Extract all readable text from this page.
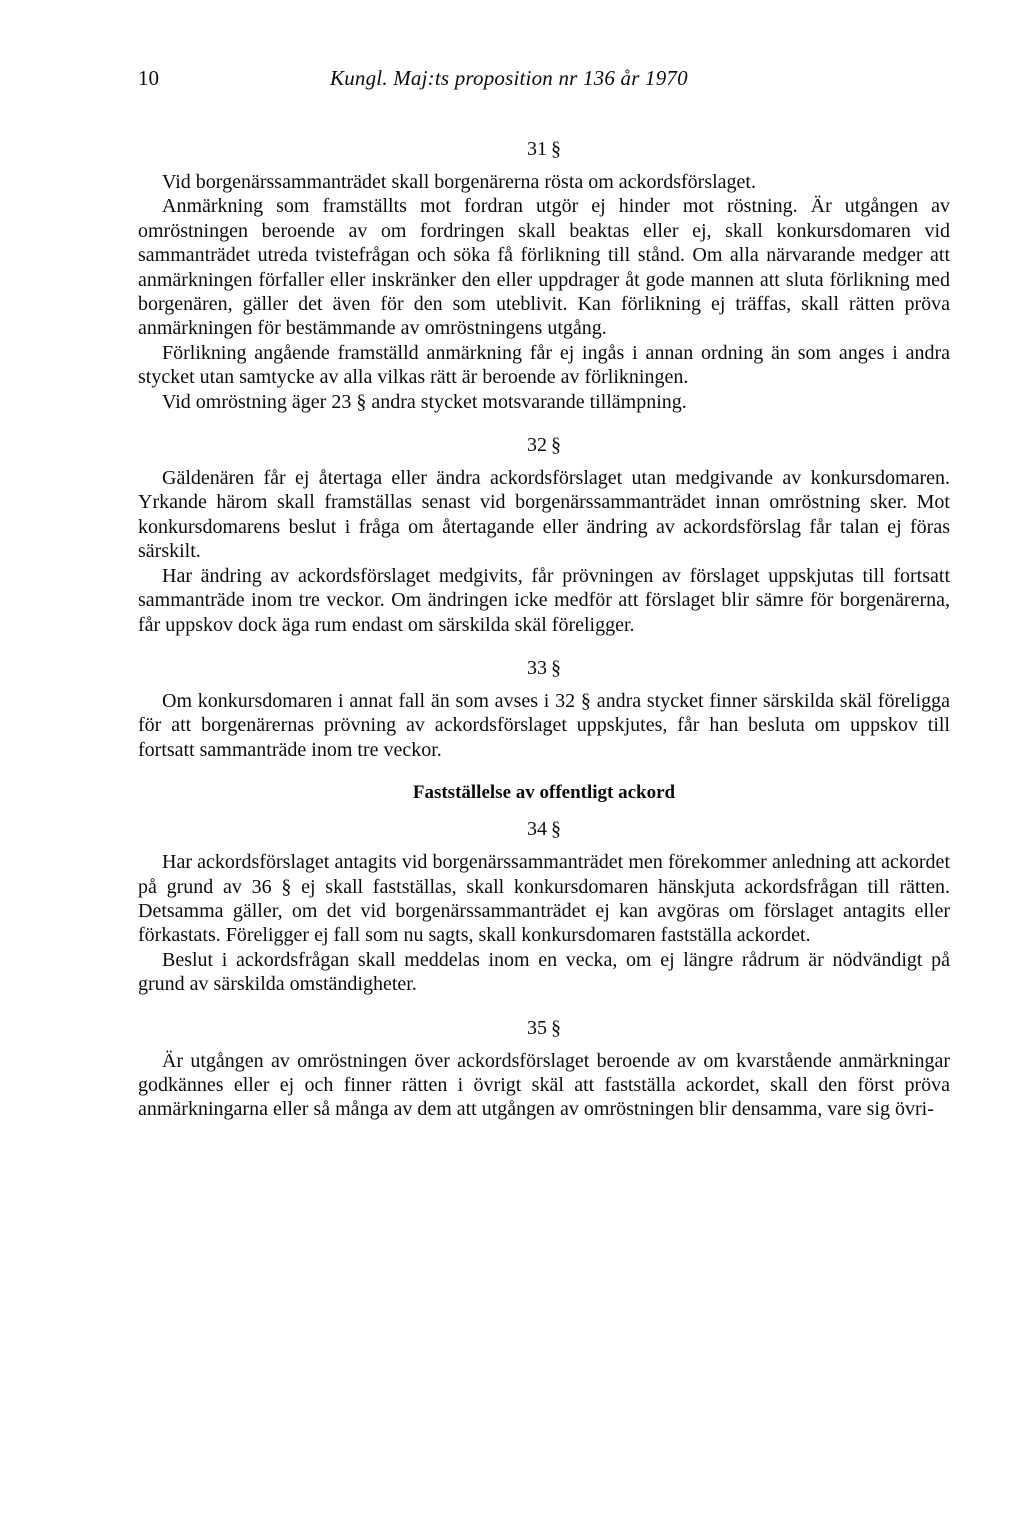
10	Kungl. Maj:ts proposition nr 136 år 1970
31 §

Vid borgenärssammanträdet skall borgenärerna rösta om ackordsförslaget.

Anmärkning som framställts mot fordran utgör ej hinder mot röstning. Är utgången av omröstningen beroende av om fordringen skall beaktas eller ej, skall konkursdomaren vid sammanträdet utreda tvistefrågan och söka få förlikning till stånd. Om alla närvarande medger att anmärkningen förfaller eller inskränker den eller uppdrager åt gode mannen att sluta förlikning med borgenären, gäller det även för den som uteblivit. Kan förlikning ej träffas, skall rätten pröva anmärkningen för bestämmande av omröstningens utgång.

Förlikning angående framställd anmärkning får ej ingås i annan ordning än som anges i andra stycket utan samtycke av alla vilkas rätt är beroende av förlikningen.

Vid omröstning äger 23 § andra stycket motsvarande tillämpning.

32 §

Gäldenären får ej återtaga eller ändra ackordsförslaget utan medgivande av konkursdomaren. Yrkande härom skall framställas senast vid borgenärssammanträdet innan omröstning sker. Mot konkursdomarens beslut i fråga om återtagande eller ändring av ackordsförslag får talan ej föras särskilt.

Har ändring av ackordsförslaget medgivits, får prövningen av förslaget uppskjutas till fortsatt sammanträde inom tre veckor. Om ändringen icke medför att förslaget blir sämre för borgenärerna, får uppskov dock äga rum endast om särskilda skäl föreligger.

33 §

Om konkursdomaren i annat fall än som avses i 32 § andra stycket finner särskilda skäl föreligga för att borgenärernas prövning av ackordsförslaget uppskjutes, får han besluta om uppskov till fortsatt sammanträde inom tre veckor.

Fastställelse av offentligt ackord
34 §

Har ackordsförslaget antagits vid borgenärssammanträdet men förekommer anledning att ackordet på grund av 36 § ej skall fastställas, skall konkursdomaren hänskjuta ackordsfrågan till rätten. Detsamma gäller, om det vid borgenärssammanträdet ej kan avgöras om förslaget antagits eller förkastats. Föreligger ej fall som nu sagts, skall konkursdomaren fastställa ackordet.

Beslut i ackordsfrågan skall meddelas inom en vecka, om ej längre rådrum är nödvändigt på grund av särskilda omständigheter.

35 §

Är utgången av omröstningen över ackordsförslaget beroende av om kvarstående anmärkningar godkännes eller ej och finner rätten i övrigt skäl att fastställa ackordet, skall den först pröva anmärkningarna eller så många av dem att utgången av omröstningen blir densamma, vare sig övri-
